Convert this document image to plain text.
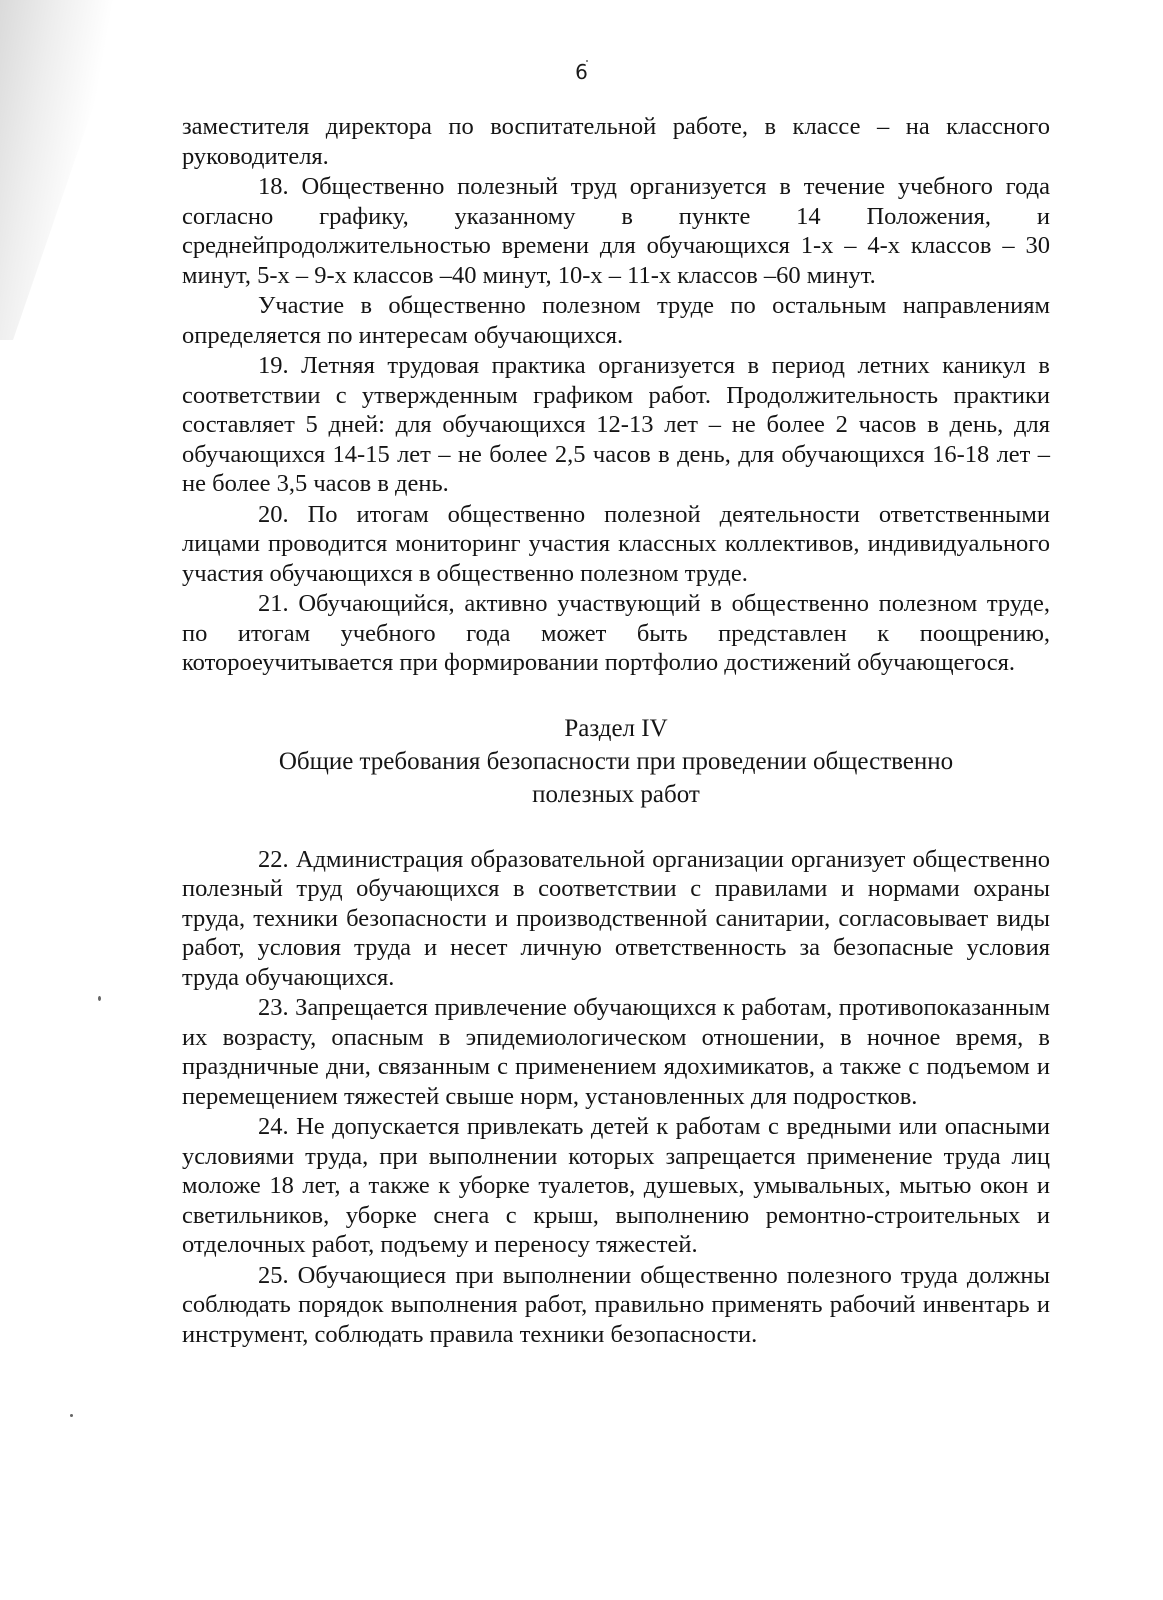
6

заместителя директора по воспитательной работе, в классе – на классного руководителя.

18. Общественно полезный труд организуется в течение учебного года согласно графику, указанному в пункте 14 Положения, и среднейпродолжительностью времени для обучающихся 1-х – 4-х классов – 30 минут, 5-х – 9-х классов –40 минут, 10-х – 11-х классов –60 минут.

Участие в общественно полезном труде по остальным направлениям определяется по интересам обучающихся.

19. Летняя трудовая практика организуется в период летних каникул в соответствии с утвержденным графиком работ. Продолжительность практики составляет 5 дней: для обучающихся 12-13 лет – не более 2 часов в день, для обучающихся 14-15 лет – не более 2,5 часов в день, для обучающихся 16-18 лет – не более 3,5 часов в день.

20. По итогам общественно полезной деятельности ответственными лицами проводится мониторинг участия классных коллективов, индивидуального участия обучающихся в общественно полезном труде.

21. Обучающийся, активно участвующий в общественно полезном труде, по итогам учебного года может быть представлен к поощрению, котороеучитывается при формировании портфолио достижений обучающегося.

Раздел IV
Общие требования безопасности при проведении общественно
полезных работ

22. Администрация образовательной организации организует общественно полезный труд обучающихся в соответствии с правилами и нормами охраны труда, техники безопасности и производственной санитарии, согласовывает виды работ, условия труда и несет личную ответственность за безопасные условия труда обучающихся.

23. Запрещается привлечение обучающихся к работам, противопоказанным их возрасту, опасным в эпидемиологическом отношении, в ночное время, в праздничные дни, связанным с применением ядохимикатов, а также с подъемом и перемещением тяжестей свыше норм, установленных для подростков.

24. Не допускается привлекать детей к работам с вредными или опасными условиями труда, при выполнении которых запрещается применение труда лиц моложе 18 лет, а также к уборке туалетов, душевых, умывальных, мытью окон и светильников, уборке снега с крыш, выполнению ремонтно-строительных и отделочных работ, подъему и переносу тяжестей.

25. Обучающиеся при выполнении общественно полезного труда должны соблюдать порядок выполнения работ, правильно применять рабочий инвентарь и инструмент, соблюдать правила техники безопасности.
